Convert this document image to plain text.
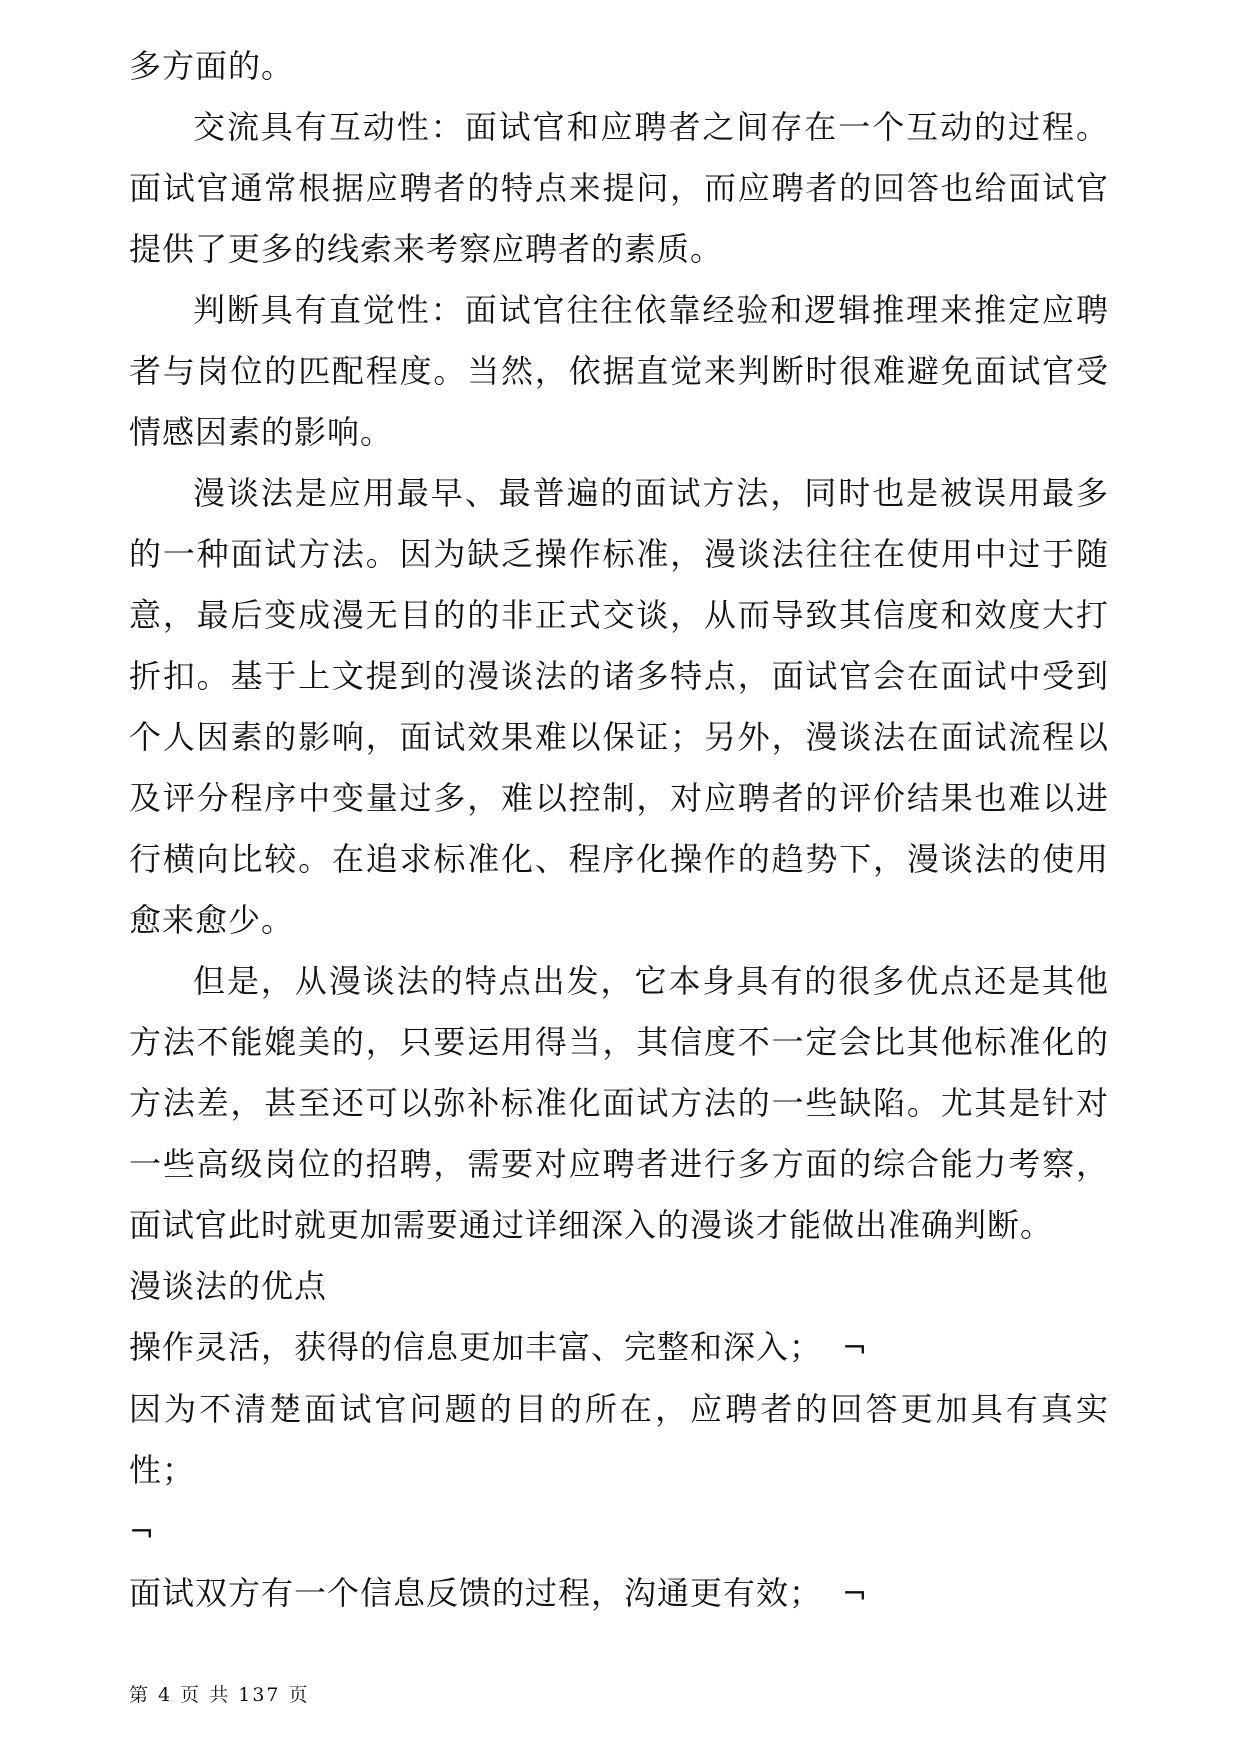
多方面的。

交流具有互动性：面试官和应聘者之间存在一个互动的过程。面试官通常根据应聘者的特点来提问，而应聘者的回答也给面试官提供了更多的线索来考察应聘者的素质。

判断具有直觉性：面试官往往依靠经验和逻辑推理来推定应聘者与岗位的匹配程度。当然，依据直觉来判断时很难避免面试官受情感因素的影响。

漫谈法是应用最早、最普遍的面试方法，同时也是被误用最多的一种面试方法。因为缺乏操作标准，漫谈法往往在使用中过于随意，最后变成漫无目的的非正式交谈，从而导致其信度和效度大打折扣。基于上文提到的漫谈法的诸多特点，面试官会在面试中受到个人因素的影响，面试效果难以保证；另外，漫谈法在面试流程以及评分程序中变量过多，难以控制，对应聘者的评价结果也难以进行横向比较。在追求标准化、程序化操作的趋势下，漫谈法的使用愈来愈少。

但是，从漫谈法的特点出发，它本身具有的很多优点还是其他方法不能媲美的，只要运用得当，其信度不一定会比其他标准化的方法差，甚至还可以弥补标准化面试方法的一些缺陷。尤其是针对一些高级岗位的招聘，需要对应聘者进行多方面的综合能力考察，面试官此时就更加需要通过详细深入的漫谈才能做出准确判断。

漫谈法的优点

操作灵活，获得的信息更加丰富、完整和深入； ¬

因为不清楚面试官问题的目的所在，应聘者的回答更加具有真实性；

¬

面试双方有一个信息反馈的过程，沟通更有效； ¬

第 4 页 共 137 页
